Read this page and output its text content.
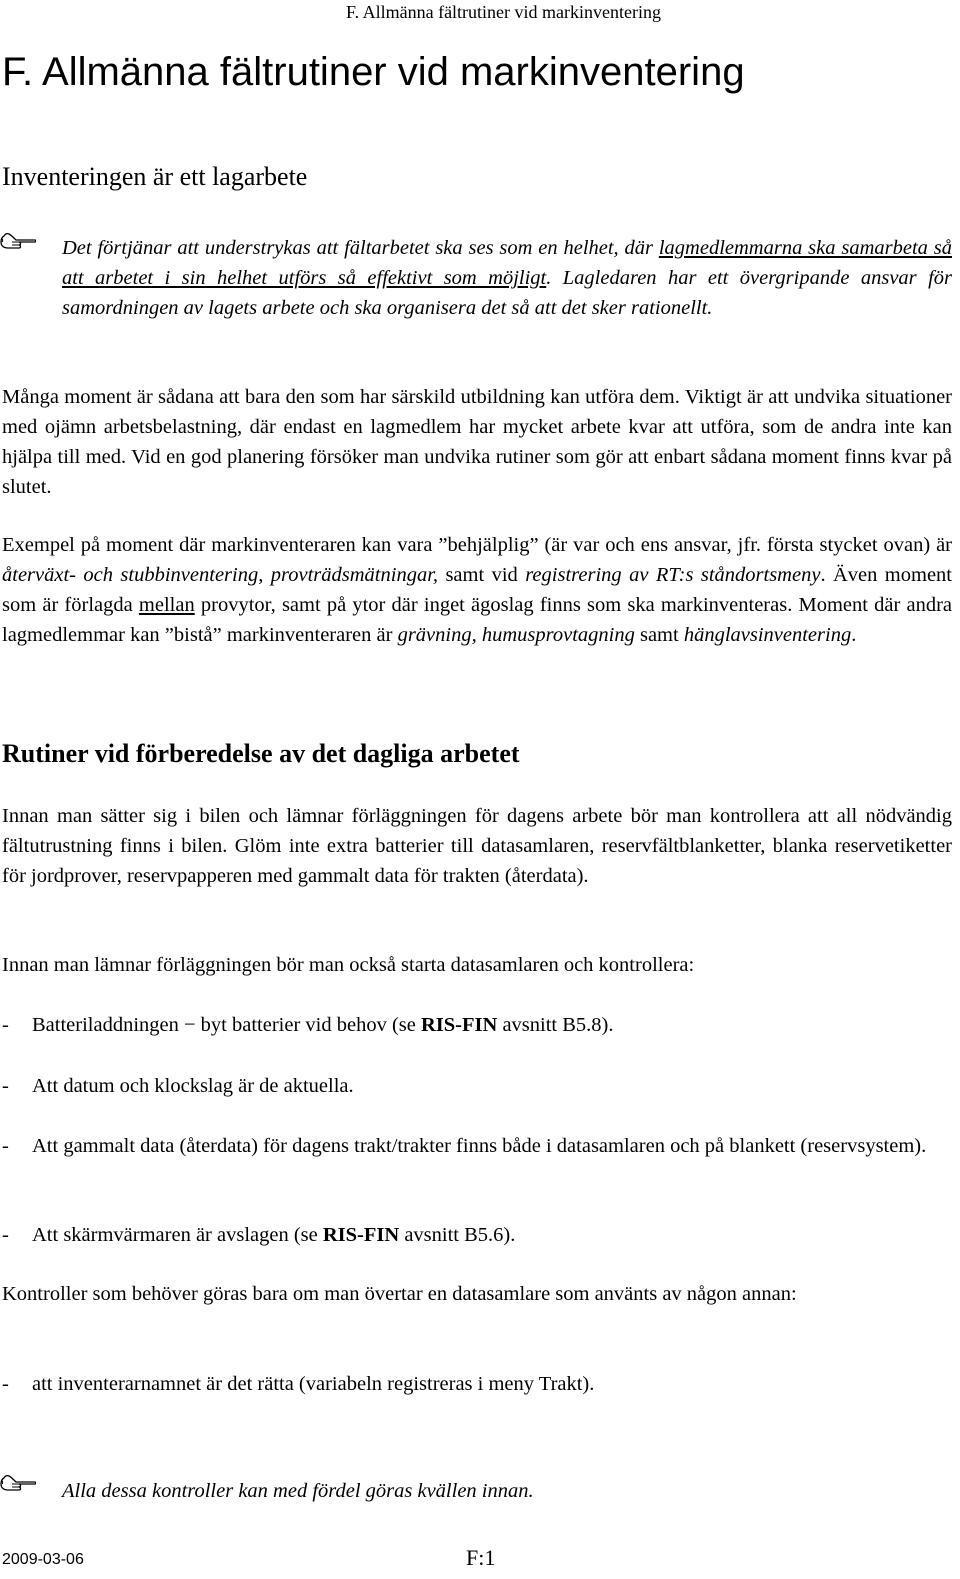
F. Allmänna fältrutiner vid markinventering
F. Allmänna fältrutiner vid markinventering
Inventeringen är ett lagarbete

Det förtjänar att understrykas att fältarbetet ska ses som en helhet, där lagmedlemmarna ska samarbeta så att arbetet i sin helhet utförs så effektivt som möjligt. Lagledaren har ett övergripande ansvar för samordningen av lagets arbete och ska organisera det så att det sker rationellt.

Många moment är sådana att bara den som har särskild utbildning kan utföra dem. Viktigt är att undvika situationer med ojämn arbetsbelastning, där endast en lagmedlem har mycket arbete kvar att utföra, som de andra inte kan hjälpa till med. Vid en god planering försöker man undvika rutiner som gör att enbart sådana moment finns kvar på slutet.

Exempel på moment där markinventeraren kan vara ”behjälplig” (är var och ens ansvar, jfr. första stycket ovan) är återväxt- och stubbinventering, provträdsmätningar, samt vid registrering av RT:s ståndortsmeny. Även moment som är förlagda mellan provytor, samt på ytor där inget ägoslag finns som ska markinventeras. Moment där andra lagmedlemmar kan ”bistå” markinventeraren är grävning, humusprovtagning samt hänglavsinventering.

Rutiner vid förberedelse av det dagliga arbetet

Innan man sätter sig i bilen och lämnar förläggningen för dagens arbete bör man kontrollera att all nödvändig fältutrustning finns i bilen. Glöm inte extra batterier till datasamlaren, reservfältblanketter, blanka reservetiketter för jordprover, reservpapperen med gammalt data för trakten (återdata).

Innan man lämnar förläggningen bör man också starta datasamlaren och kontrollera:

- Batteriladdningen − byt batterier vid behov (se RIS-FIN avsnitt B5.8).

- Att datum och klockslag är de aktuella.

- Att gammalt data (återdata) för dagens trakt/trakter finns både i datasamlaren och på blankett (reservsystem).

- Att skärmvärmaren är avslagen (se RIS-FIN avsnitt B5.6).

Kontroller som behöver göras bara om man övertar en datasamlare som använts av någon annan:

- att inventerarnamnet är det rätta (variabeln registreras i meny Trakt).

Alla dessa kontroller kan med fördel göras kvällen innan.

2009-03-06	F:1
